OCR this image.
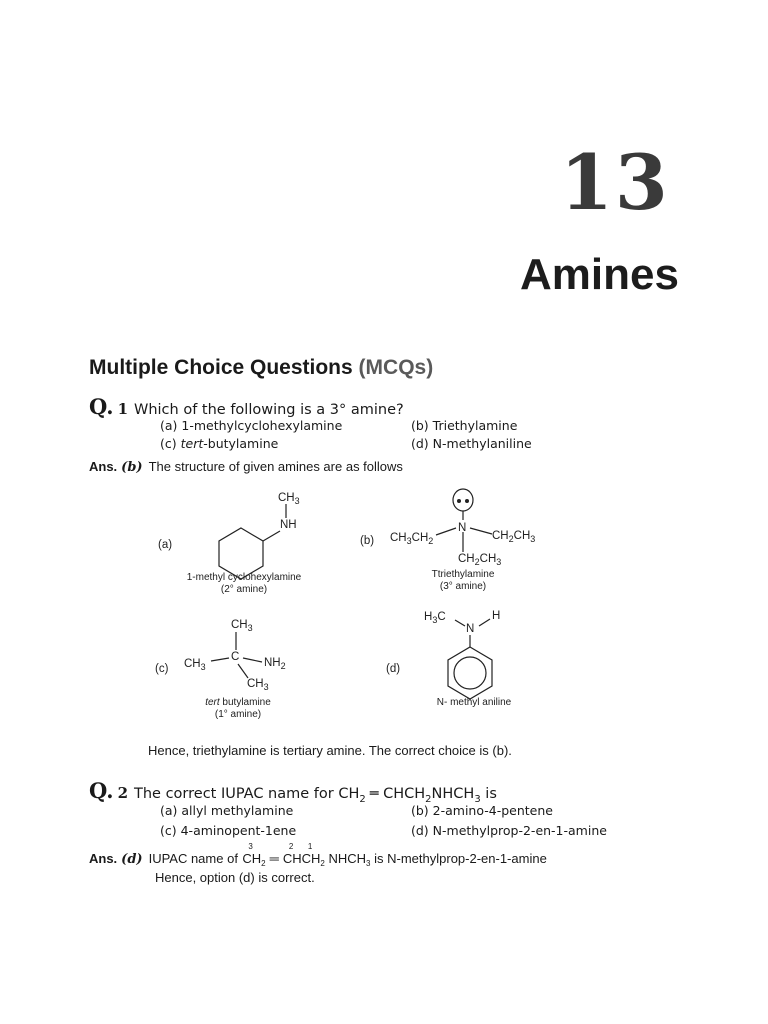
13
Amines
Multiple Choice Questions (MCQs)
Q. 1 Which of the following is a 3° amine?
(a) 1-methylcyclohexylamine	(b) Triethylamine
(c) tert-butylamine	(d) N-methylaniline
Ans. (b) The structure of given amines are as follows
(a)
$CH_3$
NH
1-methyl cyclohexylamine
(2° amine)
(b) $CH_3CH_2$
N
$CH_2CH_3$
$CH_2CH_3$
Ttriethylamine
(3° amine)
(c)
$CH_3$
$CH_3$
C $NH_2$
$CH_3$
tert butylamine
(1° amine)
(d)
$H_3C$
N
H
N- methyl aniline
Hence, triethylamine is tertiary amine. The correct choice is (b).
Q. 2 The correct IUPAC name for $CH_2$ ═ $CHCH_2NHCH_3$ is
(a) allyl methylamine	(b) 2-amino-4-pentene
(c) 4-aminopent-1ene	(d) N-methylprop-2-en-1-amine
Ans. (d) IUPAC name of
3
$CH_2$ ═
2 1
$CHCH_2$ $NHCH_3$ is N-methylprop-2-en-1-amine
Hence, option (d) is correct.
